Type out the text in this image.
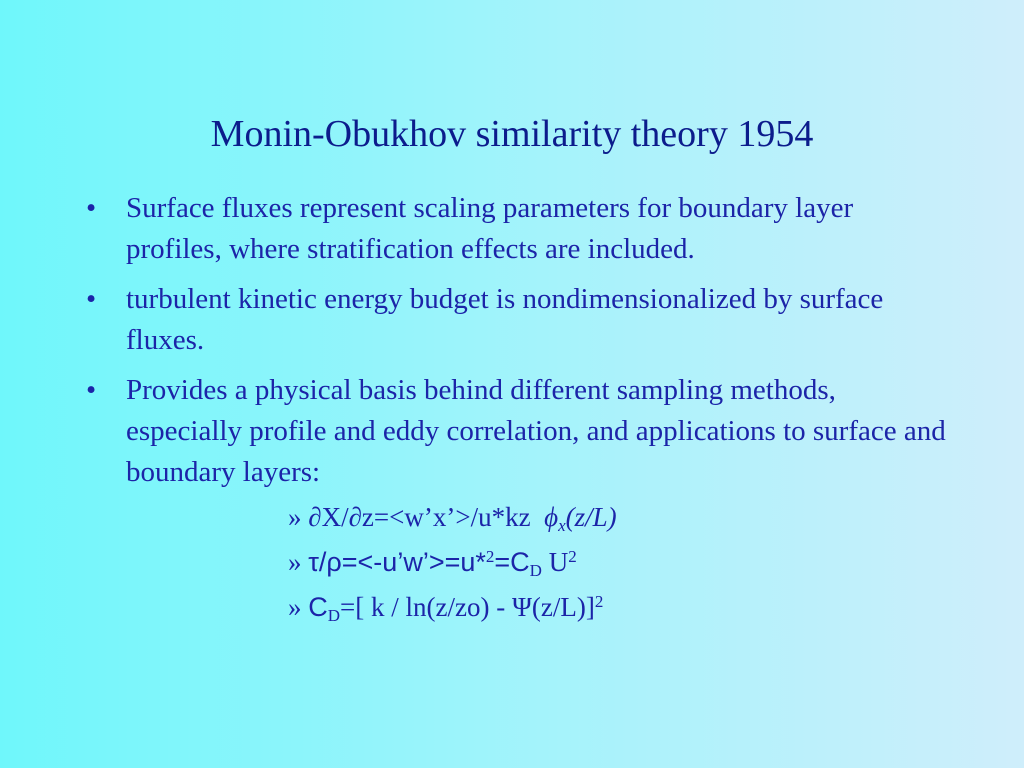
Monin-Obukhov similarity theory 1954
• Surface fluxes represent scaling parameters for boundary layer profiles, where stratification effects are included.
• turbulent kinetic energy budget is nondimensionalized by surface fluxes.
• Provides a physical basis behind different sampling methods, especially profile and eddy correlation, and applications to surface and boundary layers:
» ∂X/∂z=<w’x’>/u*kz $\phi_x(z/L)$
» $\tau/\rho=<-u’w’>=u*^2=C_D$ $U^2$
» $C_D=$[ k / ln(z/zo) - Ψ(z/L)]$^2$
